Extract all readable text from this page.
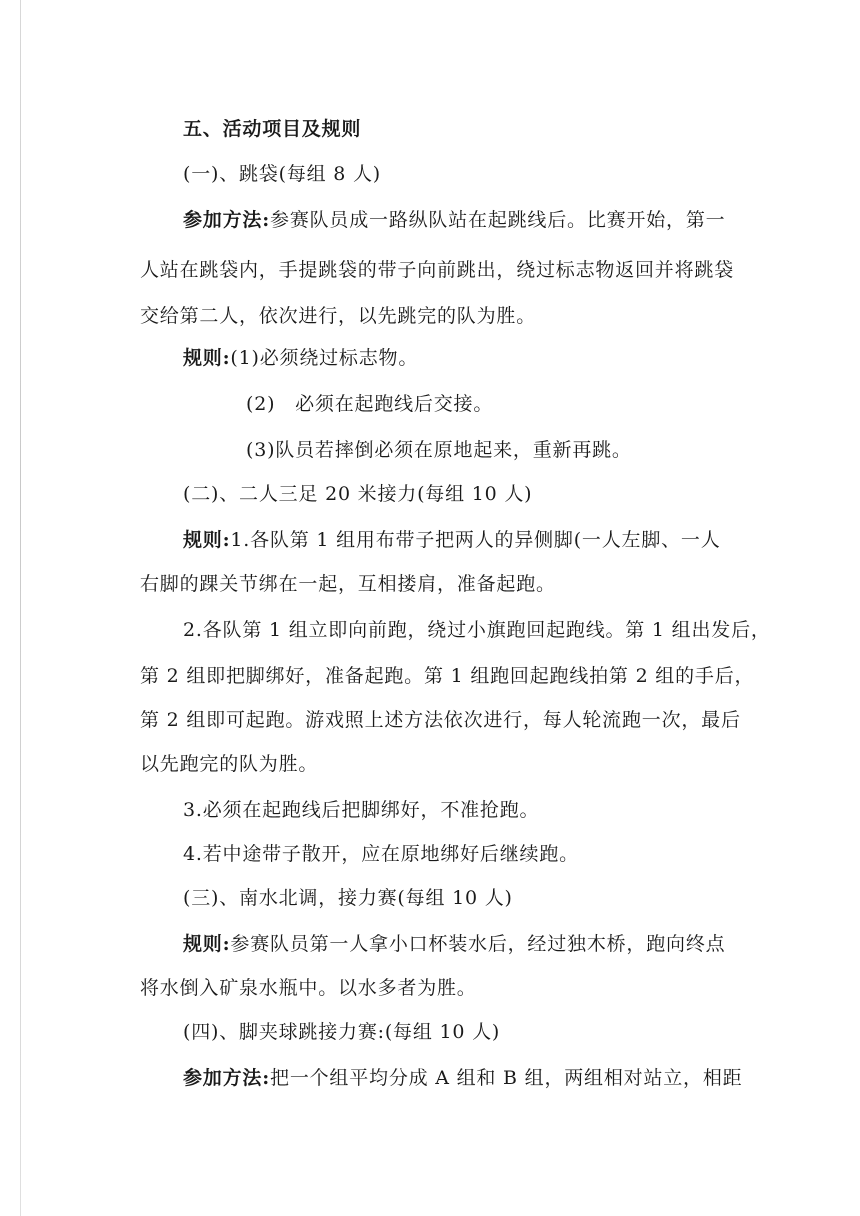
五、活动项目及规则

(一)、跳袋(每组 8 人)

参加方法:参赛队员成一路纵队站在起跳线后。比赛开始，第一

人站在跳袋内，手提跳袋的带子向前跳出，绕过标志物返回并将跳袋

交给第二人，依次进行，以先跳完的队为胜。

规则:(1)必须绕过标志物。

(2)　必须在起跑线后交接。

(3)队员若摔倒必须在原地起来，重新再跳。

(二)、二人三足 20 米接力(每组 10 人)

规则:1.各队第 1 组用布带子把两人的异侧脚(一人左脚、一人

右脚的踝关节绑在一起，互相搂肩，准备起跑。

2.各队第 1 组立即向前跑，绕过小旗跑回起跑线。第 1 组出发后，

第 2 组即把脚绑好，准备起跑。第 1 组跑回起跑线拍第 2 组的手后，

第 2 组即可起跑。游戏照上述方法依次进行，每人轮流跑一次，最后

以先跑完的队为胜。

3.必须在起跑线后把脚绑好，不准抢跑。

4.若中途带子散开，应在原地绑好后继续跑。

(三)、南水北调，接力赛(每组 10 人)

规则:参赛队员第一人拿小口杯装水后，经过独木桥，跑向终点

将水倒入矿泉水瓶中。以水多者为胜。

(四)、脚夹球跳接力赛:(每组 10 人)

参加方法:把一个组平均分成 A 组和 B 组，两组相对站立，相距
